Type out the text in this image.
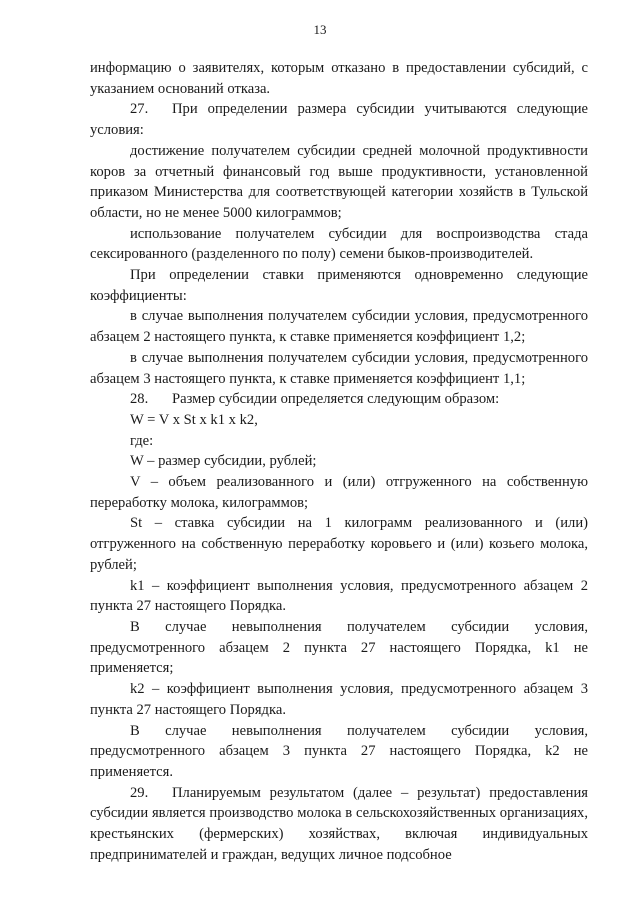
13

информацию о заявителях, которым отказано в предоставлении субсидий, с указанием оснований отказа.

27. При определении размера субсидии учитываются следующие условия:

достижение получателем субсидии средней молочной продуктивности коров за отчетный финансовый год выше продуктивности, установленной приказом Министерства для соответствующей категории хозяйств в Тульской области, но не менее 5000 килограммов;

использование получателем субсидии для воспроизводства стада сексированного (разделенного по полу) семени быков-производителей.

При определении ставки применяются одновременно следующие коэффициенты:

в случае выполнения получателем субсидии условия, предусмотренного абзацем 2 настоящего пункта, к ставке применяется коэффициент 1,2;

в случае выполнения получателем субсидии условия, предусмотренного абзацем 3 настоящего пункта, к ставке применяется коэффициент 1,1;

28. Размер субсидии определяется следующим образом:

W = V x St x k1 x k2,

где:

W – размер субсидии, рублей;

V – объем реализованного и (или) отгруженного на собственную переработку молока, килограммов;

St – ставка субсидии на 1 килограмм реализованного и (или) отгруженного на собственную переработку коровьего и (или) козьего молока, рублей;

k1 – коэффициент выполнения условия, предусмотренного абзацем 2 пункта 27 настоящего Порядка.

В случае невыполнения получателем субсидии условия, предусмотренного абзацем 2 пункта 27 настоящего Порядка, k1 не применяется;

k2 – коэффициент выполнения условия, предусмотренного абзацем 3 пункта 27 настоящего Порядка.

В случае невыполнения получателем субсидии условия, предусмотренного абзацем 3 пункта 27 настоящего Порядка, k2 не применяется.

29. Планируемым результатом (далее – результат) предоставления субсидии является производство молока в сельскохозяйственных организациях, крестьянских (фермерских) хозяйствах, включая индивидуальных предпринимателей и граждан, ведущих личное подсобное
